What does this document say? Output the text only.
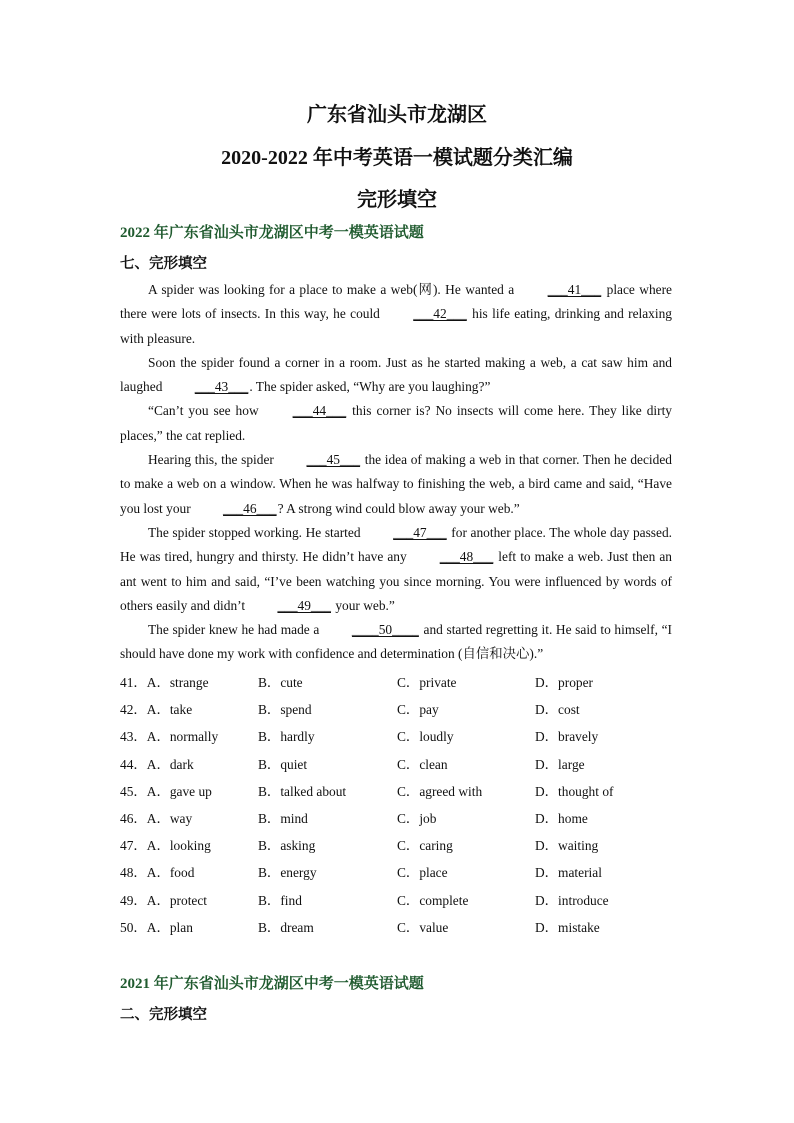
广东省汕头市龙湖区
2020-2022 年中考英语一模试题分类汇编
完形填空
2022 年广东省汕头市龙湖区中考一模英语试题
七、完形填空

A spider was looking for a place to make a web(网). He wanted a ___41___ place where there were lots of insects. In this way, he could ___42___ his life eating, drinking and relaxing with pleasure.

Soon the spider found a corner in a room. Just as he started making a web, a cat saw him and laughed ___43___. The spider asked, “Why are you laughing?”

“Can’t you see how ___44___ this corner is? No insects will come here. They like dirty places,” the cat replied.

Hearing this, the spider ___45___ the idea of making a web in that corner. Then he decided to make a web on a window. When he was halfway to finishing the web, a bird came and said, “Have you lost your ___46___? A strong wind could blow away your web.”

The spider stopped working. He started ___47___ for another place. The whole day passed. He was tired, hungry and thirsty. He didn’t have any ___48___ left to make a web. Just then an ant went to him and said, “I’ve been watching you since morning. You were influenced by words of others easily and didn’t ___49___ your web.”

The spider knew he had made a ____50____ and started regretting it. He said to himself, “I should have done my work with confidence and determination (自信和决心).”

41．A．strange	B．cute	C．private	D．proper
42．A．take	B．spend	C．pay	D．cost
43．A．normally	B．hardly	C．loudly	D．bravely
44．A．dark	B．quiet	C．clean	D．large
45．A．gave up	B．talked about	C．agreed with	D．thought of
46．A．way	B．mind	C．job	D．home
47．A．looking	B．asking	C．caring	D．waiting
48．A．food	B．energy	C．place	D．material
49．A．protect	B．find	C．complete	D．introduce
50．A．plan	B．dream	C．value	D．mistake
2021 年广东省汕头市龙湖区中考一模英语试题
二、完形填空
